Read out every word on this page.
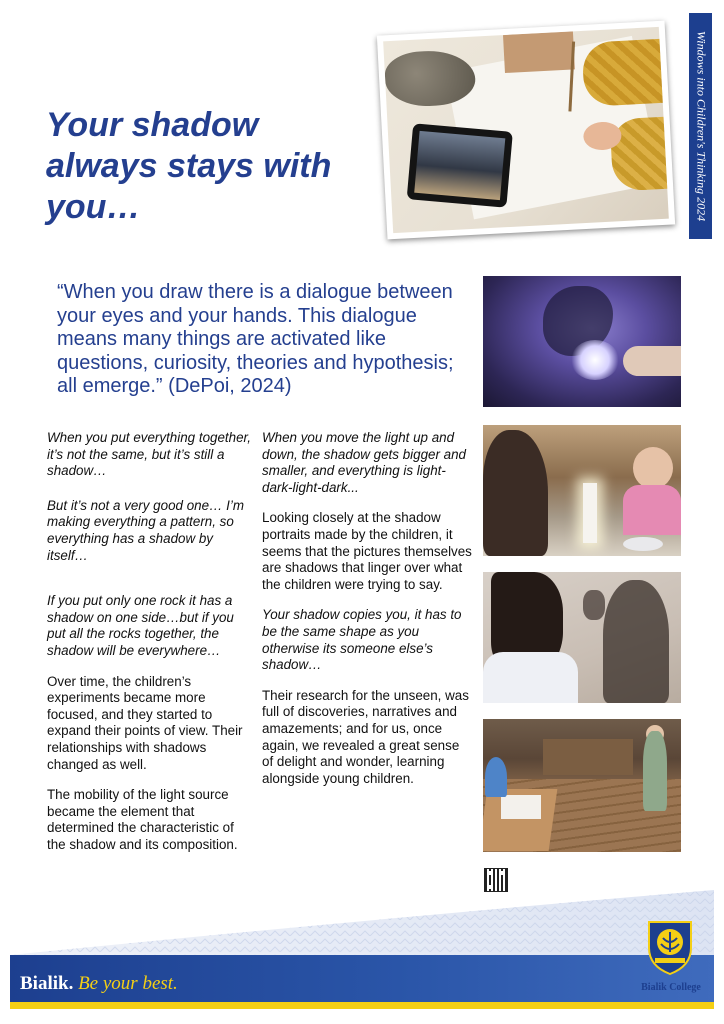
Windows into Children's Thinking 2024
Your shadow always stays with you…

“When you draw there is a dialogue between your eyes and your hands. This dialogue means many things are activated like questions, curiosity, theories and hypothesis; all emerge.” (DePoi, 2024)

When you put everything together, it’s not the same, but it’s still a shadow…

But it’s not a very good one… I’m making everything a pattern, so everything has a shadow by itself…

If you put only one rock it has a shadow on one side…but if you put all the rocks together, the shadow will be everywhere…

Over time, the children’s experiments became more focused, and they started to expand their points of view. Their relationships with shadows changed as well.

The mobility of the light source became the element that determined the characteristic of the shadow and its composition.

When you move the light up and down, the shadow gets bigger and smaller, and everything is light-dark-light-dark...

Looking closely at the shadow portraits made by the children, it seems that the pictures themselves are shadows that linger over what the children were trying to say.

Your shadow copies you, it has to be the same shape as you otherwise its someone else’s shadow…

Their research for the unseen, was full of discoveries, narratives and amazements; and for us, once again, we revealed a great sense of delight and wonder, learning alongside young children.

Bialik. Be your best.	Bialik College
